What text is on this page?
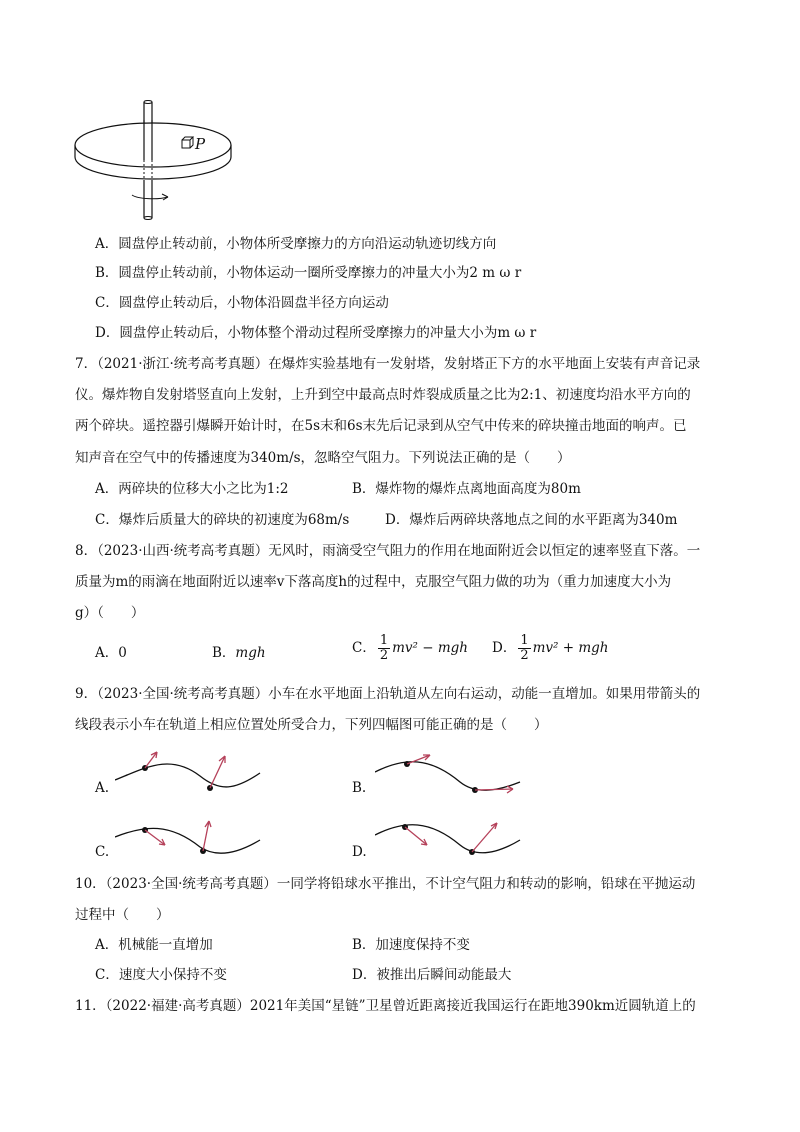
P
A．圆盘停止转动前，小物体所受摩擦力的方向沿运动轨迹切线方向
B．圆盘停止转动前，小物体运动一圈所受摩擦力的冲量大小为2 m ω r
C．圆盘停止转动后，小物体沿圆盘半径方向运动
D．圆盘停止转动后，小物体整个滑动过程所受摩擦力的冲量大小为m ω r
7．（2021·浙江·统考高考真题）在爆炸实验基地有一发射塔，发射塔正下方的水平地面上安装有声音记录
仪。爆炸物自发射塔竖直向上发射，上升到空中最高点时炸裂成质量之比为2:1、初速度均沿水平方向的
两个碎块。遥控器引爆瞬开始计时，在5s末和6s末先后记录到从空气中传来的碎块撞击地面的响声。已
知声音在空气中的传播速度为340m/s，忽略空气阻力。下列说法正确的是（　　）
A．两碎块的位移大小之比为1:2	B．爆炸物的爆炸点离地面高度为80m
C．爆炸后质量大的碎块的初速度为68m/s	D．爆炸后两碎块落地点之间的水平距离为340m
8．（2023·山西·统考高考真题）无风时，雨滴受空气阻力的作用在地面附近会以恒定的速率竖直下落。一
质量为m的雨滴在地面附近以速率v下落高度h的过程中，克服空气阻力做的功为（重力加速度大小为
g）（　　）
A．0	B．mgh	C． $\frac{1}{2} mv^2$ − mgh D． $\frac{1}{2} mv^2$ + mgh
9．（2023·全国·统考高考真题）小车在水平地面上沿轨道从左向右运动，动能一直增加。如果用带箭头的
线段表示小车在轨道上相应位置处所受合力，下列四幅图可能正确的是（　　）
A.	B.
C.	D.
10．（2023·全国·统考高考真题）一同学将铅球水平推出，不计空气阻力和转动的影响，铅球在平抛运动
过程中（　　）
A．机械能一直增加	B．加速度保持不变
C．速度大小保持不变	D．被推出后瞬间动能最大
11．（2022·福建·高考真题）2021年美国“星链”卫星曾近距离接近我国运行在距地390km近圆轨道上的
